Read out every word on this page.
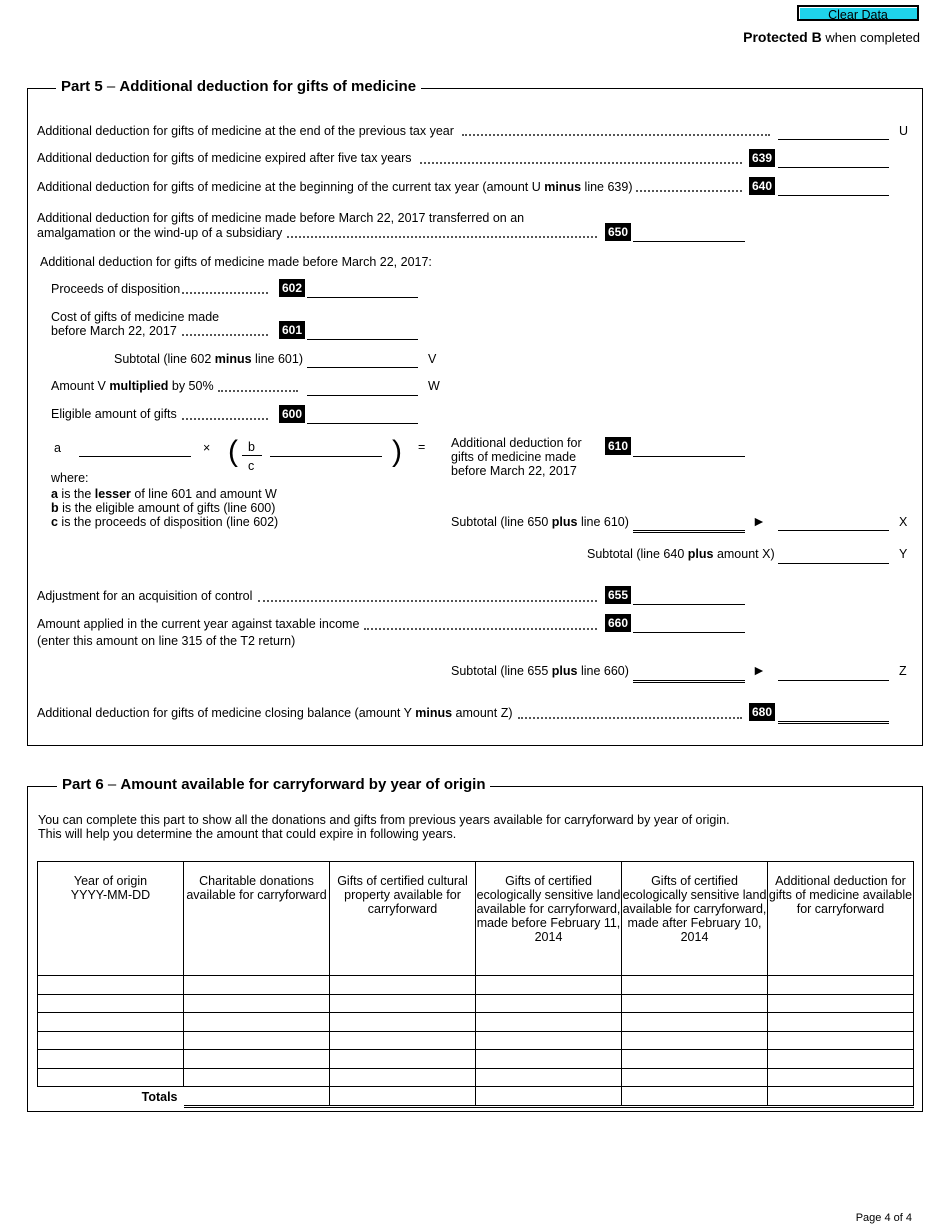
Clear Data
Protected B when completed
Part 5 – Additional deduction for gifts of medicine
Additional deduction for gifts of medicine at the end of the previous tax year	U
Additional deduction for gifts of medicine expired after five tax years	639
Additional deduction for gifts of medicine at the beginning of the current tax year (amount U minus line 639)	640
Additional deduction for gifts of medicine made before March 22, 2017 transferred on an
amalgamation or the wind-up of a subsidiary	650
Additional deduction for gifts of medicine made before March 22, 2017:
Proceeds of disposition	602
Cost of gifts of medicine made
before March 22, 2017	601
Subtotal (line 602 minus line 601)	V
Amount V multiplied by 50%	W
Eligible amount of gifts	600
a	× ( b
c	) = Additional deduction for
gifts of medicine made
before March 22, 2017
610
where:
a is the lesser of line 601 and amount W
b is the eligible amount of gifts (line 600)
c is the proceeds of disposition (line 602)	Subtotal (line 650 plus line 610)	►	X
Subtotal (line 640 plus amount X)	Y
Adjustment for an acquisition of control	655
Amount applied in the current year against taxable income
(enter this amount on line 315 of the T2 return)
660
Subtotal (line 655 plus line 660)	►	Z
Additional deduction for gifts of medicine closing balance (amount Y minus amount Z)	680
Part 6 – Amount available for carryforward by year of origin
You can complete this part to show all the donations and gifts from previous years available for carryforward by year of origin.
This will help you determine the amount that could expire in following years.
Year of origin
YYYY-MM-DD	Charitable donations available for carryforward	Gifts of certified cultural property available for carryforward	Gifts of certified ecologically sensitive land available for carryforward, made before February 11, 2014	Gifts of certified ecologically sensitive land available for carryforward, made after February 10, 2014	Additional deduction for gifts of medicine available for carryforward

Totals					
Page 4 of 4
